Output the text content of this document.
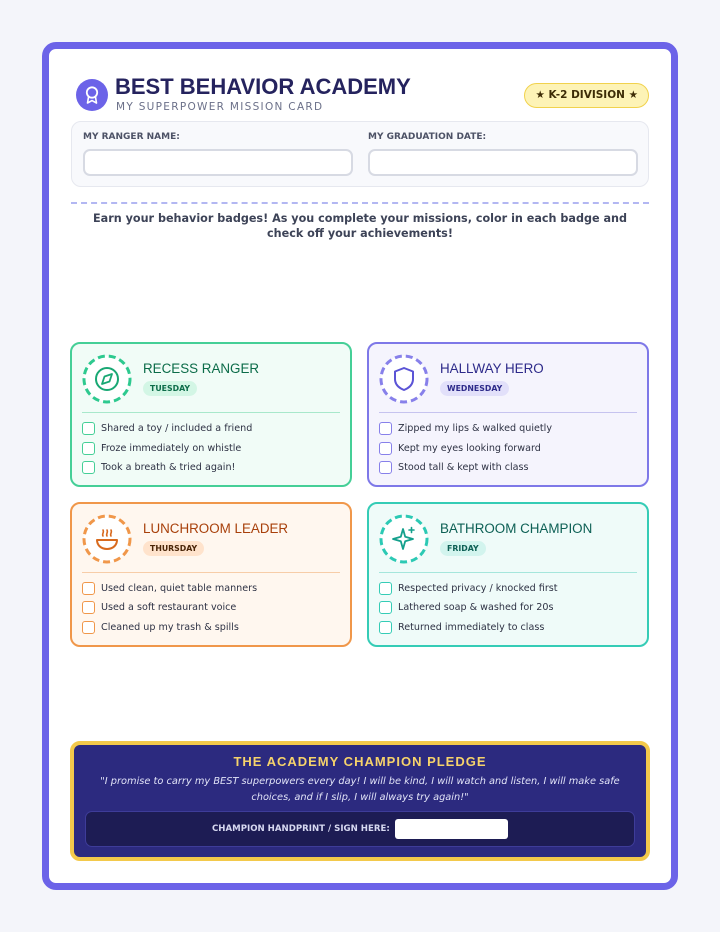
BEST BEHAVIOR ACADEMY
MY SUPERPOWER MISSION CARD
★ K-2 DIVISION ★
MY RANGER NAME:	MY GRADUATION DATE:
Earn your behavior badges! As you complete your missions, color in each badge and check off your achievements!
RECESS RANGER
TUESDAY
Shared a toy / included a friend
Froze immediately on whistle
Took a breath & tried again!
HALLWAY HERO
WEDNESDAY
Zipped my lips & walked quietly
Kept my eyes looking forward
Stood tall & kept with class
LUNCHROOM LEADER
THURSDAY
Used clean, quiet table manners
Used a soft restaurant voice
Cleaned up my trash & spills
BATHROOM CHAMPION
FRIDAY
Respected privacy / knocked first
Lathered soap & washed for 20s
Returned immediately to class
THE ACADEMY CHAMPION PLEDGE
"I promise to carry my BEST superpowers every day! I will be kind, I will watch and listen, I will make safe choices, and if I slip, I will always try again!"
CHAMPION HANDPRINT / SIGN HERE:
